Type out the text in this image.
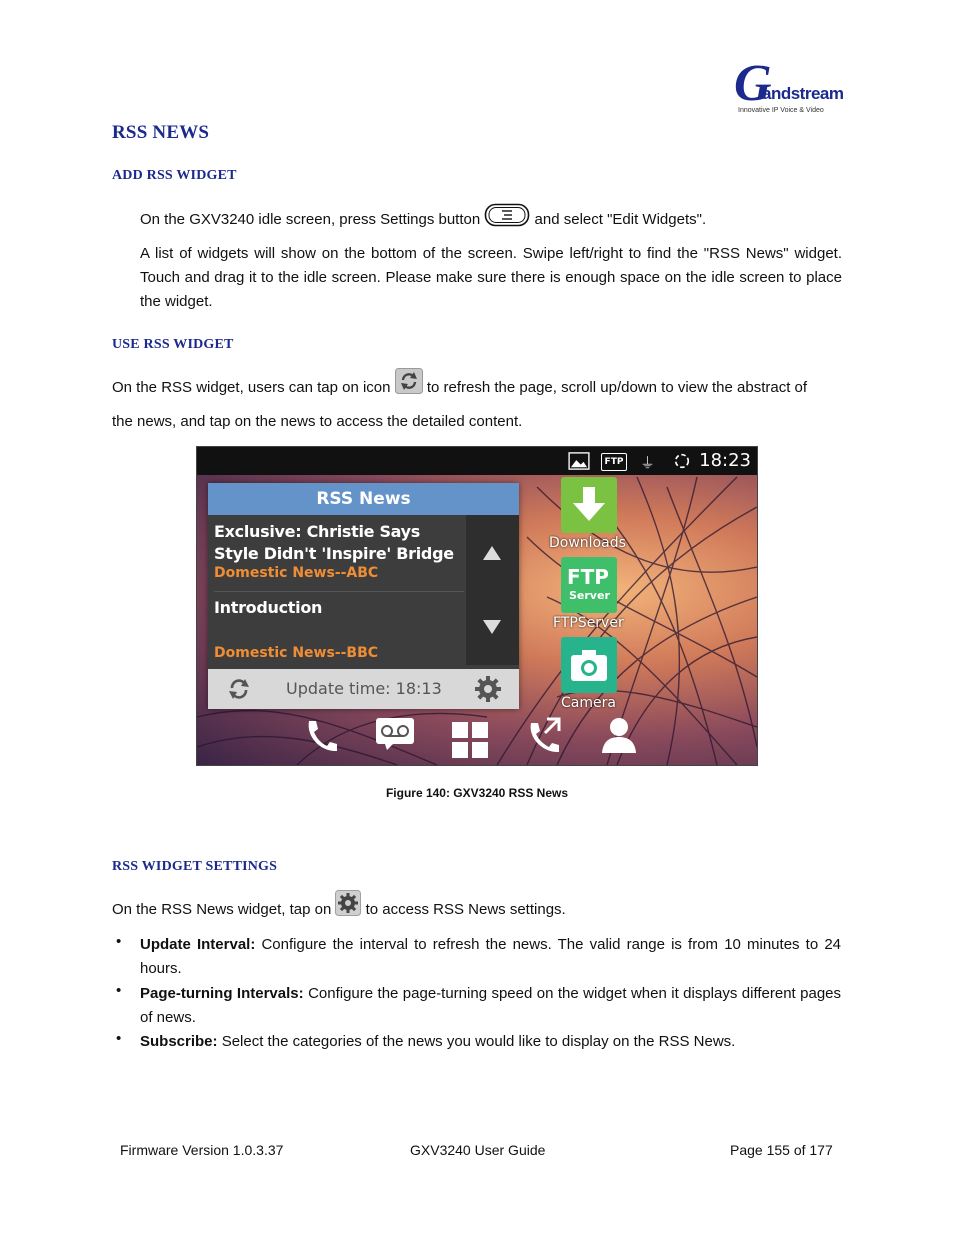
G
andstream
Innovative IP Voice & Video
RSS NEWS
ADD RSS WIDGET
On the GXV3240 idle screen, press Settings button	and select "Edit Widgets".
A list of widgets will show on the bottom of the screen. Swipe left/right to find the "RSS News" widget. Touch and drag it to the idle screen. Please make sure there is enough space on the idle screen to place the widget.
USE RSS WIDGET
On the RSS widget, users can tap on icon to refresh the page, scroll up/down to view the abstract of
the news, and tap on the news to access the detailed content.
FTP ⏚ 18:23
RSS News
Exclusive: Christie Says Style Didn't 'Inspire' Bridge
Domestic News--ABC
Introduction
Domestic News--BBC
Update time: 18:13
Downloads
FTP
Server
FTPServer
Camera
Figure 140: GXV3240 RSS News
RSS WIDGET SETTINGS
On the RSS News widget, tap on to access RSS News settings.
• Update Interval: Configure the interval to refresh the news. The valid range is from 10 minutes to 24 hours.
• Page-turning Intervals: Configure the page-turning speed on the widget when it displays different pages of news.
• Subscribe: Select the categories of the news you would like to display on the RSS News.
Firmware Version 1.0.3.37	GXV3240 User Guide	Page 155 of 177
